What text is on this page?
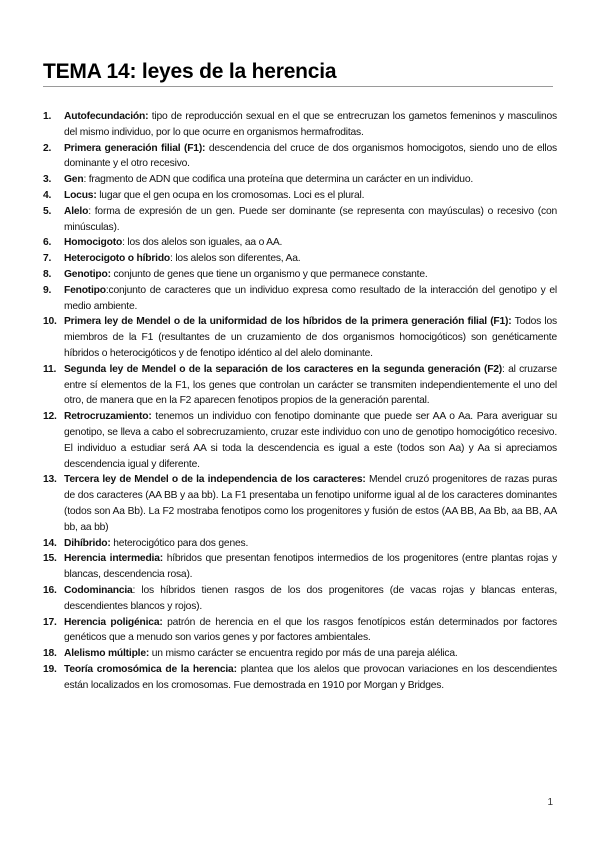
TEMA 14: leyes de la herencia
1. Autofecundación: tipo de reproducción sexual en el que se entrecruzan los gametos femeninos y masculinos del mismo individuo, por lo que ocurre en organismos hermafroditas.
2. Primera generación filial (F1): descendencia del cruce de dos organismos homocigotos, siendo uno de ellos dominante y el otro recesivo.
3. Gen: fragmento de ADN que codifica una proteína que determina un carácter en un individuo.
4. Locus: lugar que el gen ocupa en los cromosomas. Loci es el plural.
5. Alelo: forma de expresión de un gen. Puede ser dominante (se representa con mayúsculas) o recesivo (con minúsculas).
6. Homocigoto: los dos alelos son iguales, aa o AA.
7. Heterocigoto o híbrido: los alelos son diferentes, Aa.
8. Genotipo: conjunto de genes que tiene un organismo y que permanece constante.
9. Fenotipo:conjunto de caracteres que un individuo expresa como resultado de la interacción del genotipo y el medio ambiente.
10. Primera ley de Mendel o de la uniformidad de los híbridos de la primera generación filial (F1): Todos los miembros de la F1 (resultantes de un cruzamiento de dos organismos homocigóticos) son genéticamente híbridos o heterocigóticos y de fenotipo idéntico al del alelo dominante.
11. Segunda ley de Mendel o de la separación de los caracteres en la segunda generación (F2): al cruzarse entre sí elementos de la F1, los genes que controlan un carácter se transmiten independientemente el uno del otro, de manera que en la F2 aparecen fenotipos propios de la generación parental.
12. Retrocruzamiento: tenemos un individuo con fenotipo dominante que puede ser AA o Aa. Para averiguar su genotipo, se lleva a cabo el sobrecruzamiento, cruzar este individuo con uno de genotipo homocigótico recesivo. El individuo a estudiar será AA si toda la descendencia es igual a este (todos son Aa) y Aa si apreciamos descendencia igual y diferente.
13. Tercera ley de Mendel o de la independencia de los caracteres: Mendel cruzó progenitores de razas puras de dos caracteres (AA BB y aa bb). La F1 presentaba un fenotipo uniforme igual al de los caracteres dominantes (todos son Aa Bb). La F2 mostraba fenotipos como los progenitores y fusión de estos (AA BB, Aa Bb, aa BB, AA bb, aa bb)
14. Dihíbrido: heterocigótico para dos genes.
15. Herencia intermedia: híbridos que presentan fenotipos intermedios de los progenitores (entre plantas rojas y blancas, descendencia rosa).
16. Codominancia: los híbridos tienen rasgos de los dos progenitores (de vacas rojas y blancas enteras, descendientes blancos y rojos).
17. Herencia poligénica: patrón de herencia en el que los rasgos fenotípicos están determinados por factores genéticos que a menudo son varios genes y por factores ambientales.
18. Alelismo múltiple: un mismo carácter se encuentra regido por más de una pareja alélica.
19. Teoría cromosómica de la herencia: plantea que los alelos que provocan variaciones en los descendientes están localizados en los cromosomas. Fue demostrada en 1910 por Morgan y Bridges.
1
